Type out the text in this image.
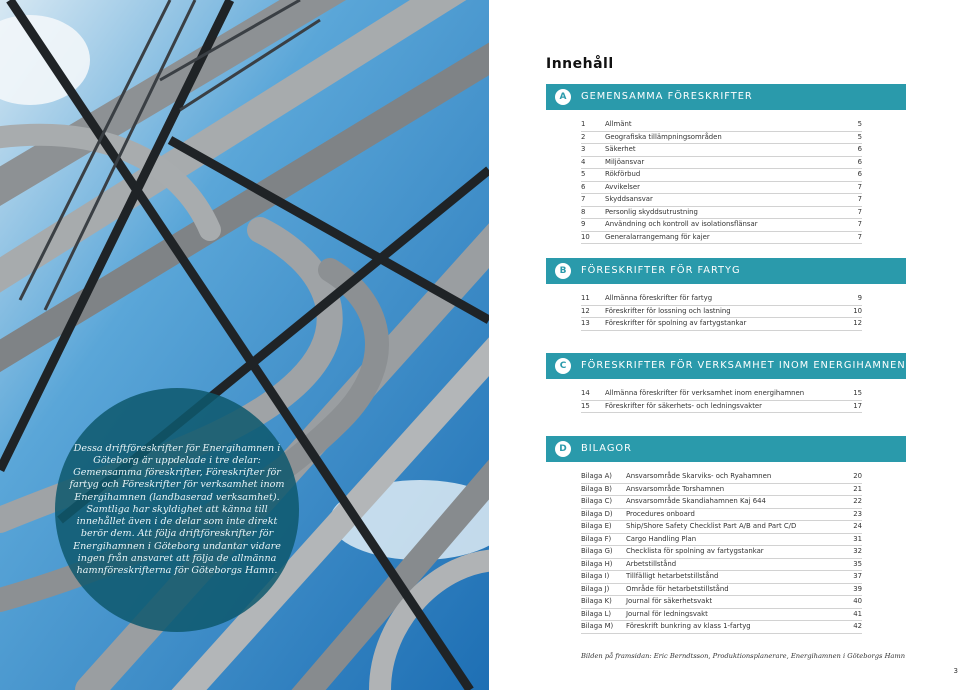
Dessa driftföreskrifter för Energihamnen i Göteborg är uppdelade i tre delar: Gemensamma föreskrifter, Föreskrifter för fartyg och Föreskrifter för verksamhet inom Energihamnen (landbaserad verksamhet). Samtliga har skyldighet att känna till innehållet även i de delar som inte direkt berör dem. Att följa driftföreskrifter för Energihamnen i Göteborg undantar vidare ingen från ansvaret att följa de allmänna hamnföreskrifterna för Göteborgs Hamn.

Innehåll
A	GEMENSAMMA FÖRESKRIFTER
1	Allmänt	5
2	Geografiska tillämpningsområden	5
3	Säkerhet	6
4	Miljöansvar	6
5	Rökförbud	6
6	Avvikelser	7
7	Skyddsansvar	7
8	Personlig skyddsutrustning	7
9	Användning och kontroll av isolationsflänsar	7
10 Generalarrangemang för kajer	7
B	FÖRESKRIFTER FÖR FARTYG
11 Allmänna föreskrifter för fartyg	9
12 Föreskrifter för lossning och lastning	10
13 Föreskrifter för spolning av fartygstankar	12
C	FÖRESKRIFTER FÖR VERKSAMHET INOM ENERGIHAMNEN
14 Allmänna föreskrifter för verksamhet inom energihamnen	15
15 Föreskrifter för säkerhets- och ledningsvakter	17
D	BILAGOR
Bilaga A) Ansvarsområde Skarviks- och Ryahamnen	20
Bilaga B) Ansvarsområde Torshamnen	21
Bilaga C) Ansvarsområde Skandiahamnen Kaj 644	22
Bilaga D) Procedures onboard	23
Bilaga E) Ship/Shore Safety Checklist Part A/B and Part C/D	24
Bilaga F) Cargo Handling Plan	31
Bilaga G) Checklista för spolning av fartygstankar	32
Bilaga H) Arbetstillstånd	35
Bilaga I) Tillfälligt hetarbetstillstånd	37
Bilaga J) Område för hetarbetstillstånd	39
Bilaga K) Journal för säkerhetsvakt	40
Bilaga L) Journal för ledningsvakt	41
Bilaga M) Föreskrift bunkring av klass 1-fartyg	42
Bilden på framsidan: Eric Berndtsson, Produktionsplanerare, Energihamnen i Göteborgs Hamn
3
